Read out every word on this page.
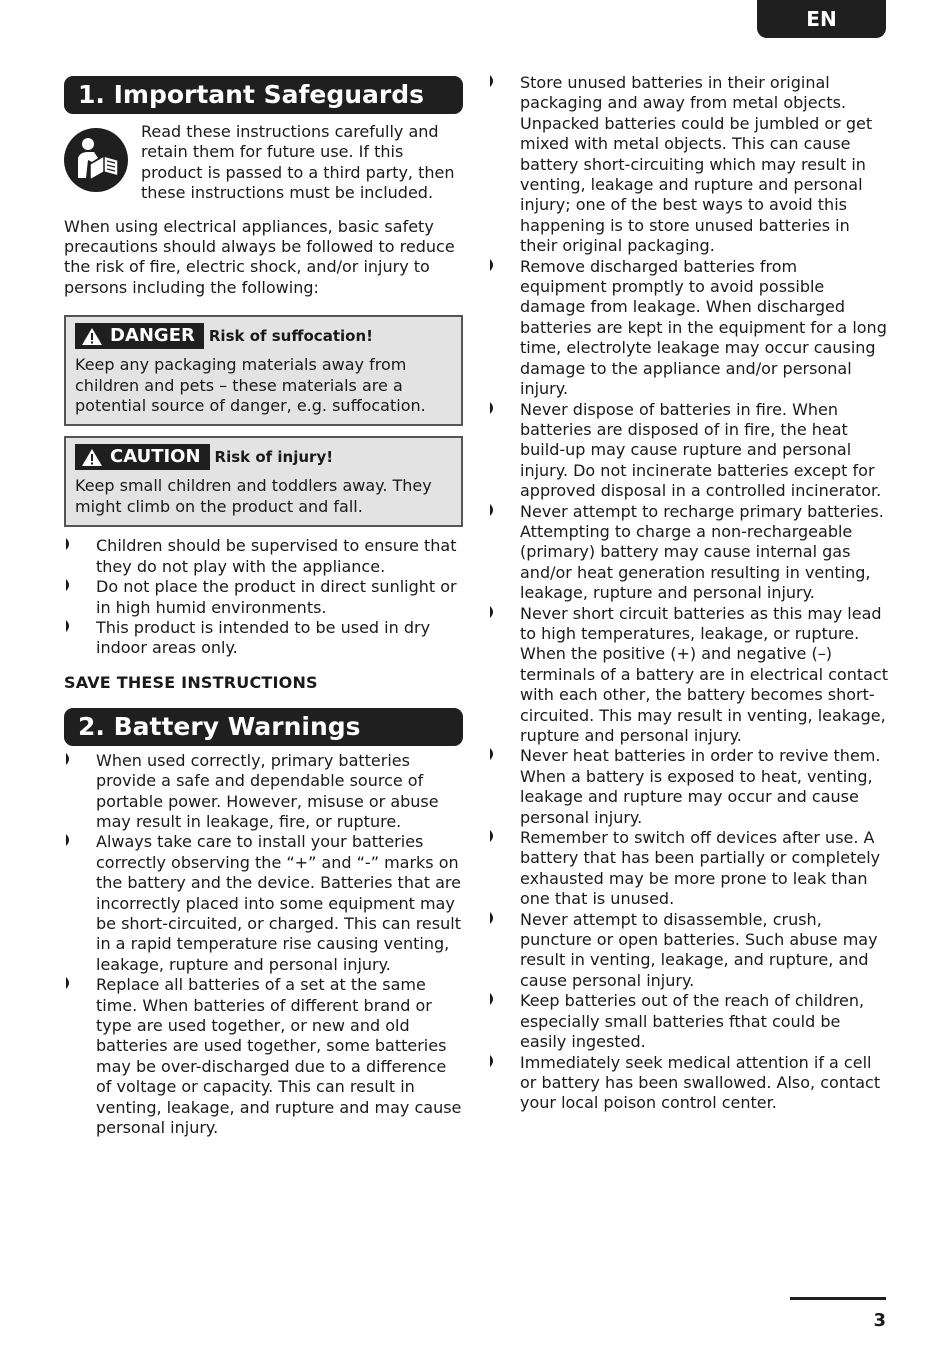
EN
1. Important Safeguards
Read these instructions carefully and retain them for future use. If this product is passed to a third party, then these instructions must be included.
When using electrical appliances, basic safety precautions should always be followed to reduce the risk of fire, electric shock, and/or injury to persons including the following:
DANGER Risk of suffocation!
Keep any packaging materials away from children and pets – these materials are a potential source of danger, e.g. suffocation.
CAUTION Risk of injury!
Keep small children and toddlers away. They might climb on the product and fall.
Children should be supervised to ensure that they do not play with the appliance.
Do not place the product in direct sunlight or in high humid environments.
This product is intended to be used in dry indoor areas only.
SAVE THESE INSTRUCTIONS
2. Battery Warnings
When used correctly, primary batteries provide a safe and dependable source of portable power. However, misuse or abuse may result in leakage, fire, or rupture.
Always take care to install your batteries correctly observing the “+” and “-” marks on the battery and the device. Batteries that are incorrectly placed into some equipment may be short-circuited, or charged. This can result in a rapid temperature rise causing venting, leakage, rupture and personal injury.
Replace all batteries of a set at the same time. When batteries of different brand or type are used together, or new and old batteries are used together, some batteries may be over-discharged due to a difference of voltage or capacity. This can result in venting, leakage, and rupture and may cause personal injury.
Store unused batteries in their original packaging and away from metal objects. Unpacked batteries could be jumbled or get mixed with metal objects. This can cause battery short-circuiting which may result in venting, leakage and rupture and personal injury; one of the best ways to avoid this happening is to store unused batteries in their original packaging.
Remove discharged batteries from equipment promptly to avoid possible damage from leakage. When discharged batteries are kept in the equipment for a long time, electrolyte leakage may occur causing damage to the appliance and/or personal injury.
Never dispose of batteries in fire. When batteries are disposed of in fire, the heat build-up may cause rupture and personal injury. Do not incinerate batteries except for approved disposal in a controlled incinerator.
Never attempt to recharge primary batteries. Attempting to charge a non-rechargeable (primary) battery may cause internal gas and/or heat generation resulting in venting, leakage, rupture and personal injury.
Never short circuit batteries as this may lead to high temperatures, leakage, or rupture. When the positive (+) and negative (–) terminals of a battery are in electrical contact with each other, the battery becomes short-circuited. This may result in venting, leakage, rupture and personal injury.
Never heat batteries in order to revive them. When a battery is exposed to heat, venting, leakage and rupture may occur and cause personal injury.
Remember to switch off devices after use. A battery that has been partially or completely exhausted may be more prone to leak than one that is unused.
Never attempt to disassemble, crush, puncture or open batteries. Such abuse may result in venting, leakage, and rupture, and cause personal injury.
Keep batteries out of the reach of children, especially small batteries fthat could be easily ingested.
Immediately seek medical attention if a cell or battery has been swallowed. Also, contact your local poison control center.
3
